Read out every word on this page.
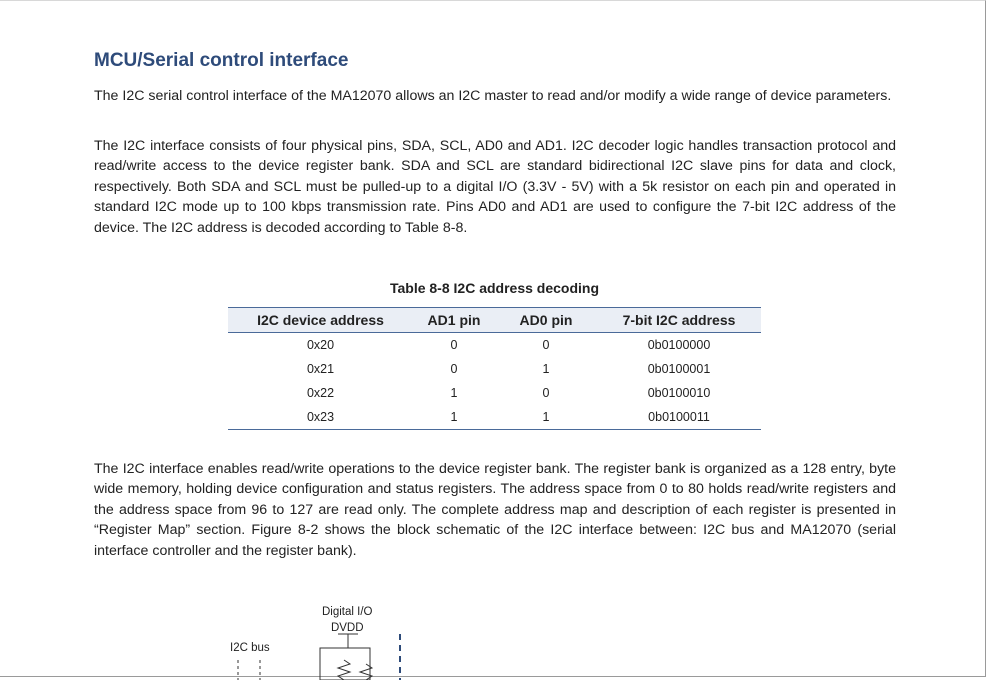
MCU/Serial control interface

The I2C serial control interface of the MA12070 allows an I2C master to read and/or modify a wide range of device parameters.

The I2C interface consists of four physical pins, SDA, SCL, AD0 and AD1. I2C decoder logic handles transaction protocol and read/write access to the device register bank. SDA and SCL are standard bidirectional I2C slave pins for data and clock, respectively. Both SDA and SCL must be pulled-up to a digital I/O (3.3V - 5V) with a 5k resistor on each pin and operated in standard I2C mode up to 100 kbps transmission rate. Pins AD0 and AD1 are used to configure the 7-bit I2C address of the device. The I2C address is decoded according to Table 8-8.

Table 8-8 I2C address decoding
I2C device address	AD1 pin	AD0 pin	7-bit I2C address
0x20	0	0	0b0100000
0x21	0	1	0b0100001
0x22	1	0	0b0100010
0x23	1	1	0b0100011

The I2C interface enables read/write operations to the device register bank. The register bank is organized as a 128 entry, byte wide memory, holding device configuration and status registers. The address space from 0 to 80 holds read/write registers and the address space from 96 to 127 are read only. The complete address map and description of each register is presented in “Register Map” section. Figure 8-2 shows the block schematic of the I2C interface between: I2C bus and MA12070 (serial interface controller and the register bank).

Digital I/O
DVDD
I2C bus
